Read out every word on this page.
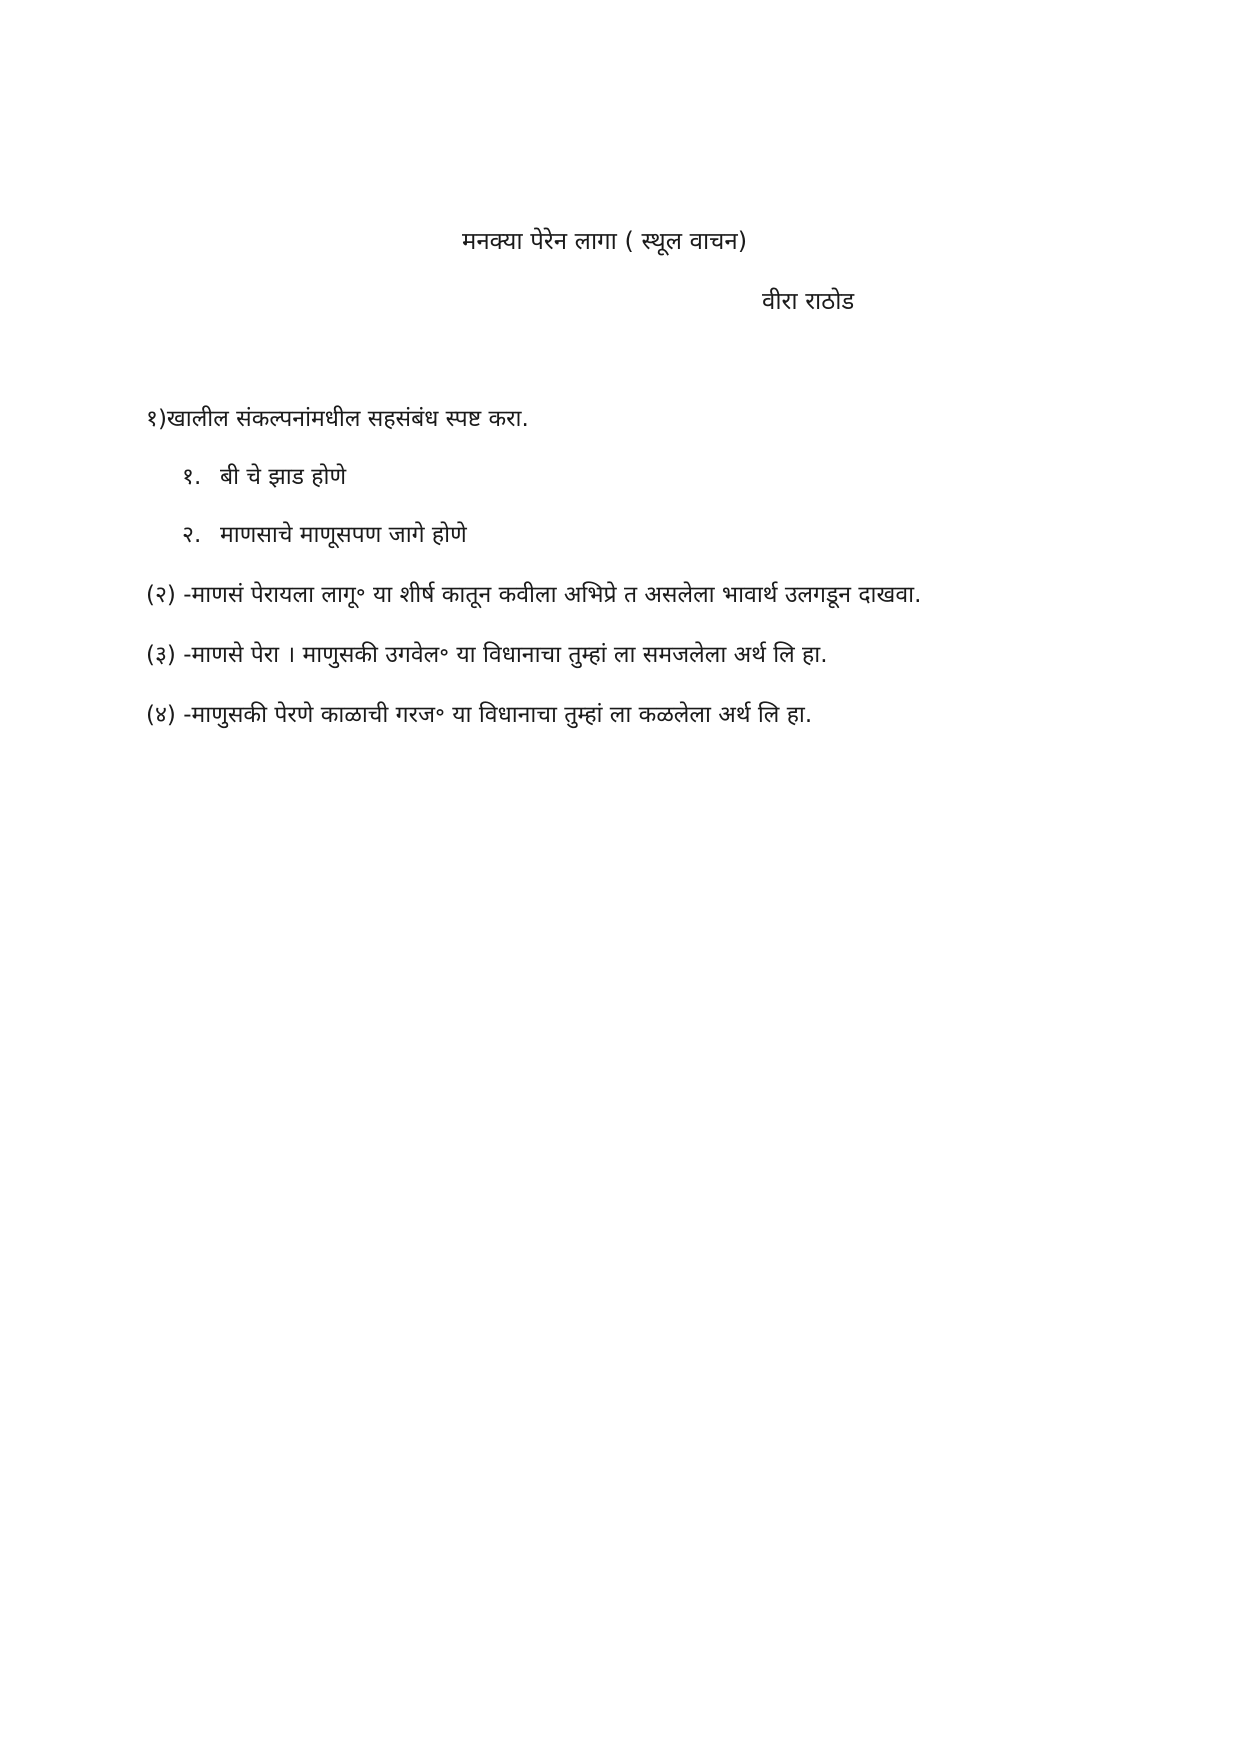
मनक्या पेरेन लागा ( स्थूल वाचन)
वीरा राठोड
१)खालील संकल्पनांमधील सहसंबंध स्पष्ट करा.
१. बी चे झाड होणे
२. माणसाचे माणूसपण जागे होणे
(२) -माणसं पेरायला लागू॰ या शीर्ष कातून कवीला अभिप्रे त असलेला भावार्थ उलगडून दाखवा.
(३) -माणसे पेरा । माणुसकी उगवेल॰ या विधानाचा तुम्हां ला समजलेला अर्थ लि हा.
(४) -माणुसकी पेरणे काळाची गरज॰ या विधानाचा तुम्हां ला कळलेला अर्थ लि हा.
